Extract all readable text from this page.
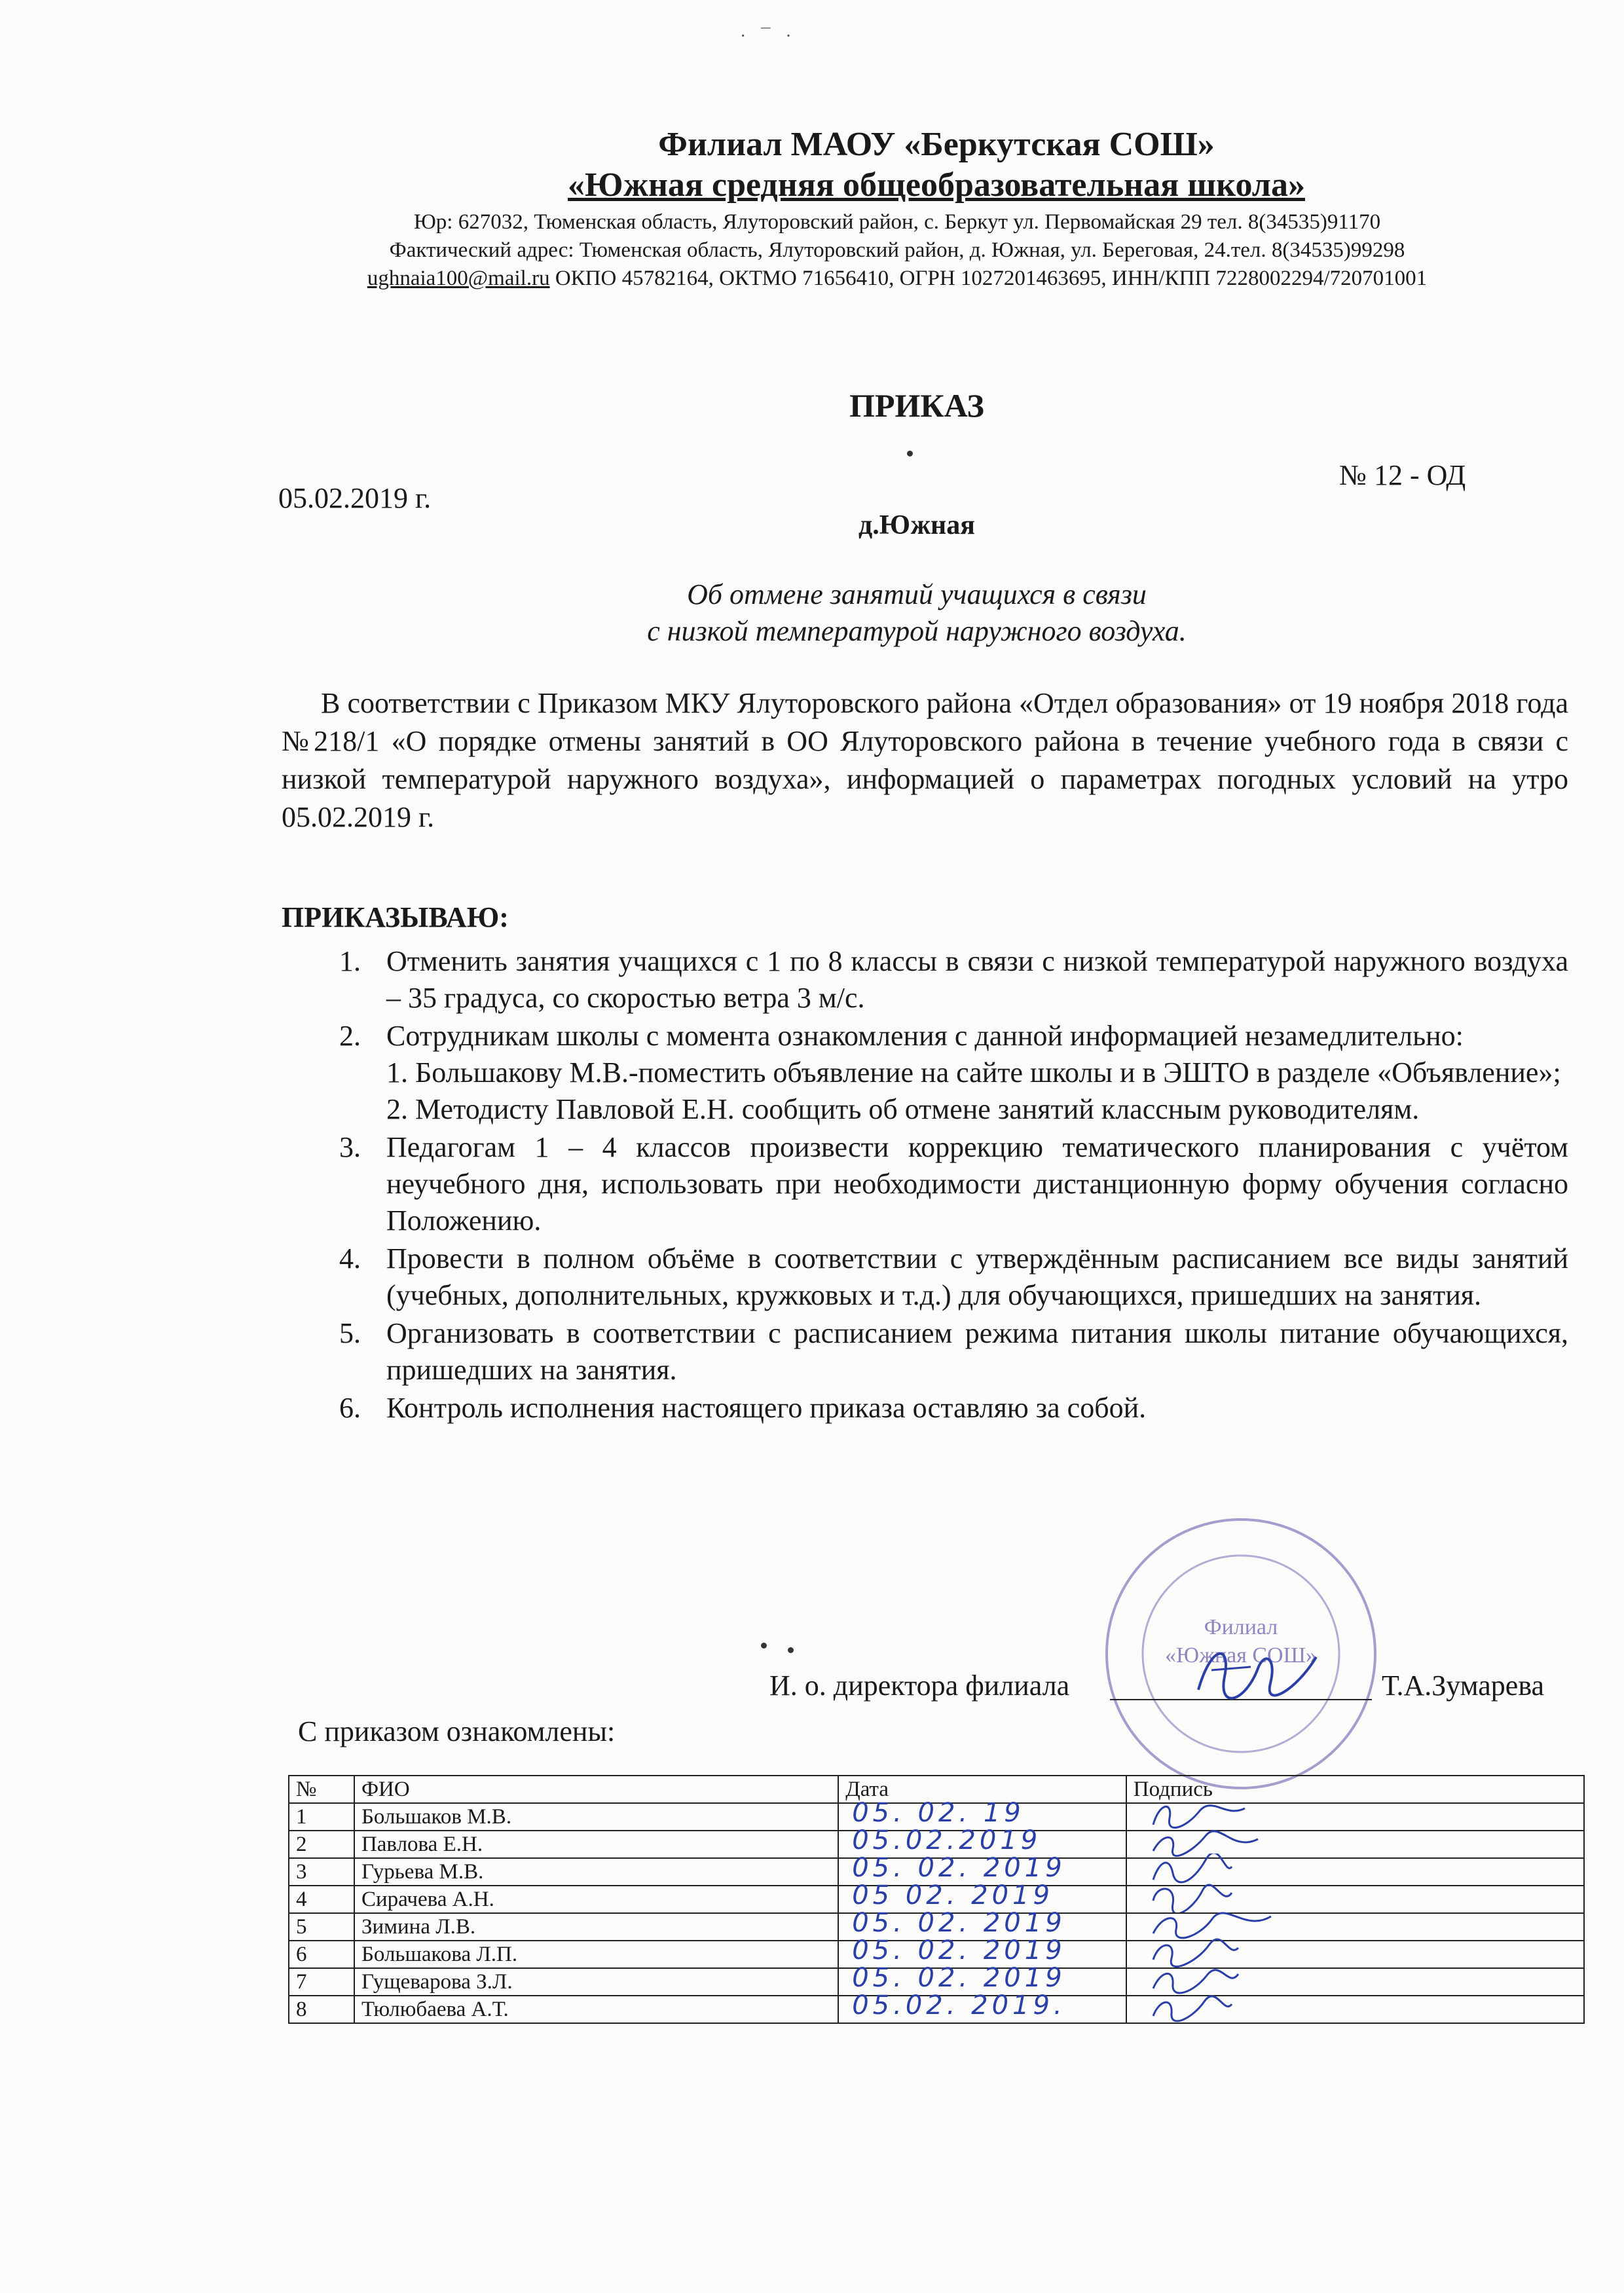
· ¯ ·
Филиал МАОУ «Беркутская СОШ»
«Южная средняя общеобразовательная школа»
Юр: 627032, Тюменская область, Ялуторовский район, с. Беркут ул. Первомайская 29 тел. 8(34535)91170
Фактический адрес: Тюменская область, Ялуторовский район, д. Южная, ул. Береговая, 24.тел. 8(34535)99298
ughnaia100@mail.ru ОКПО 45782164, ОКТМО 71656410, ОГРН 1027201463695, ИНН/КПП 7228002294/720701001
ПРИКАЗ
05.02.2019 г.
№ 12 - ОД
д.Южная
Об отмене занятий учащихся в связи
с низкой температурой наружного воздуха.
В соответствии с Приказом МКУ Ялуторовского района «Отдел образования» от 19 ноября 2018 года №218/1 «О порядке отмены занятий в ОО Ялуторовского района в течение учебного года в связи с низкой температурой наружного воздуха», информацией о параметрах погодных условий на утро 05.02.2019 г.
ПРИКАЗЫВАЮ:
1. Отменить занятия учащихся с 1 по 8 классы в связи с низкой температурой наружного воздуха – 35 градуса, со скоростью ветра 3 м/с.
2. Сотрудникам школы с момента ознакомления с данной информацией незамедлительно:
1. Большакову М.В.-поместить объявление на сайте школы и в ЭШТО в разделе «Объявление»;
2. Методисту Павловой Е.Н. сообщить об отмене занятий классным руководителям.
3. Педагогам 1 – 4 классов произвести коррекцию тематического планирования с учётом неучебного дня, использовать при необходимости дистанционную форму обучения согласно Положению.
4. Провести в полном объёме в соответствии с утверждённым расписанием все виды занятий (учебных, дополнительных, кружковых и т.д.) для обучающихся, пришедших на занятия.
5. Организовать в соответствии с расписанием режима питания школы питание обучающихся, пришедших на занятия.
6. Контроль исполнения настоящего приказа оставляю за собой.
Филиал
«Южная СОШ»
И. о. директора филиала	Т.А.Зумарева
С приказом ознакомлены:
№	ФИО	Дата	Подпись
1	Большаков М.В.	05. 02. 19

2	Павлова Е.Н.	05.02.2019

3	Гурьева М.В.	05. 02. 2019

4	Сирачева А.Н.	05 02. 2019

5	Зимина Л.В.	05. 02. 2019

6	Большакова Л.П.	05. 02. 2019

7	Гущеварова З.Л.	05. 02. 2019

8	Тюлюбаева А.Т.	05.02. 2019.
